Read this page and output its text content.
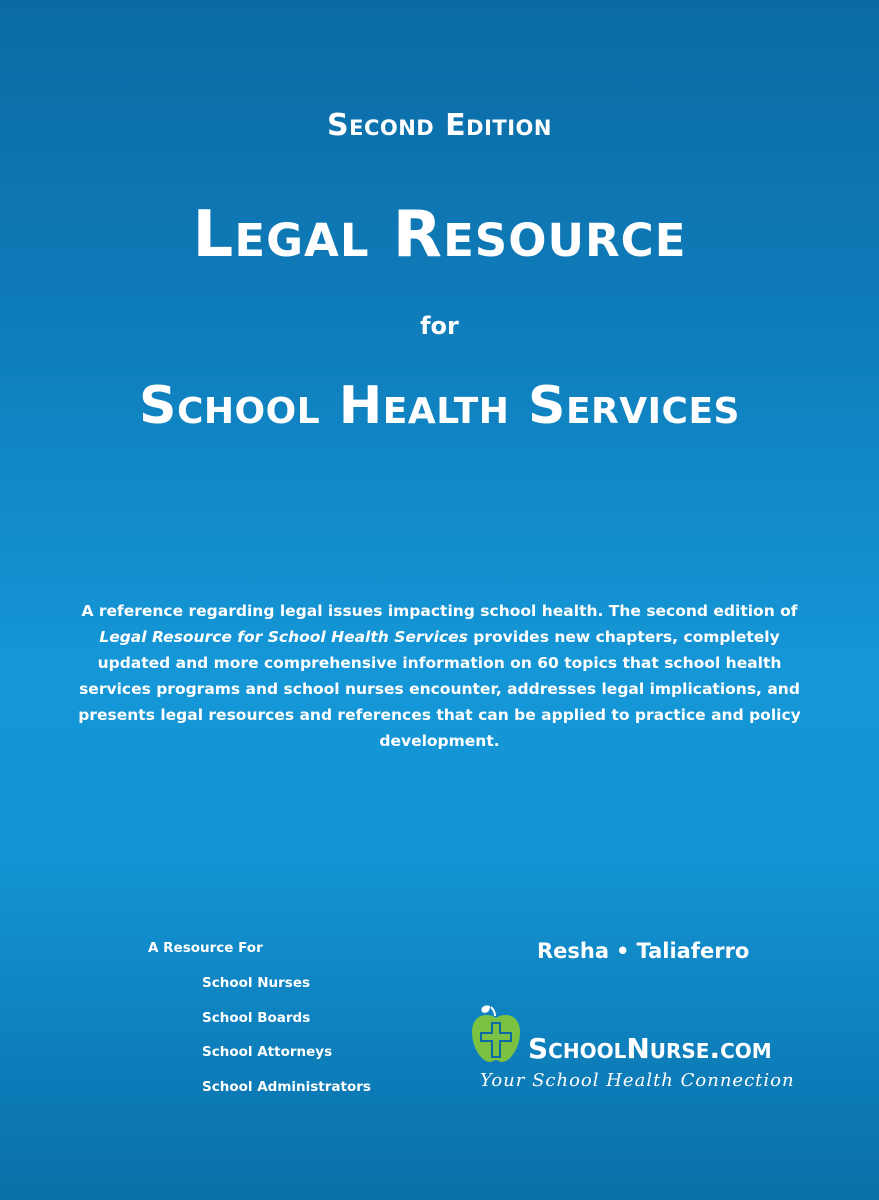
Second Edition
Legal Resource
for
School Health Services
A reference regarding legal issues impacting school health. The second edition of Legal Resource for School Health Services provides new chapters, completely updated and more comprehensive information on 60 topics that school health services programs and school nurses encounter, addresses legal implications, and presents legal resources and references that can be applied to practice and policy development.
A Resource For
School Nurses
School Boards
School Attorneys
School Administrators
Resha • Taliaferro
SchoolNurse.com
Your School Health Connection
